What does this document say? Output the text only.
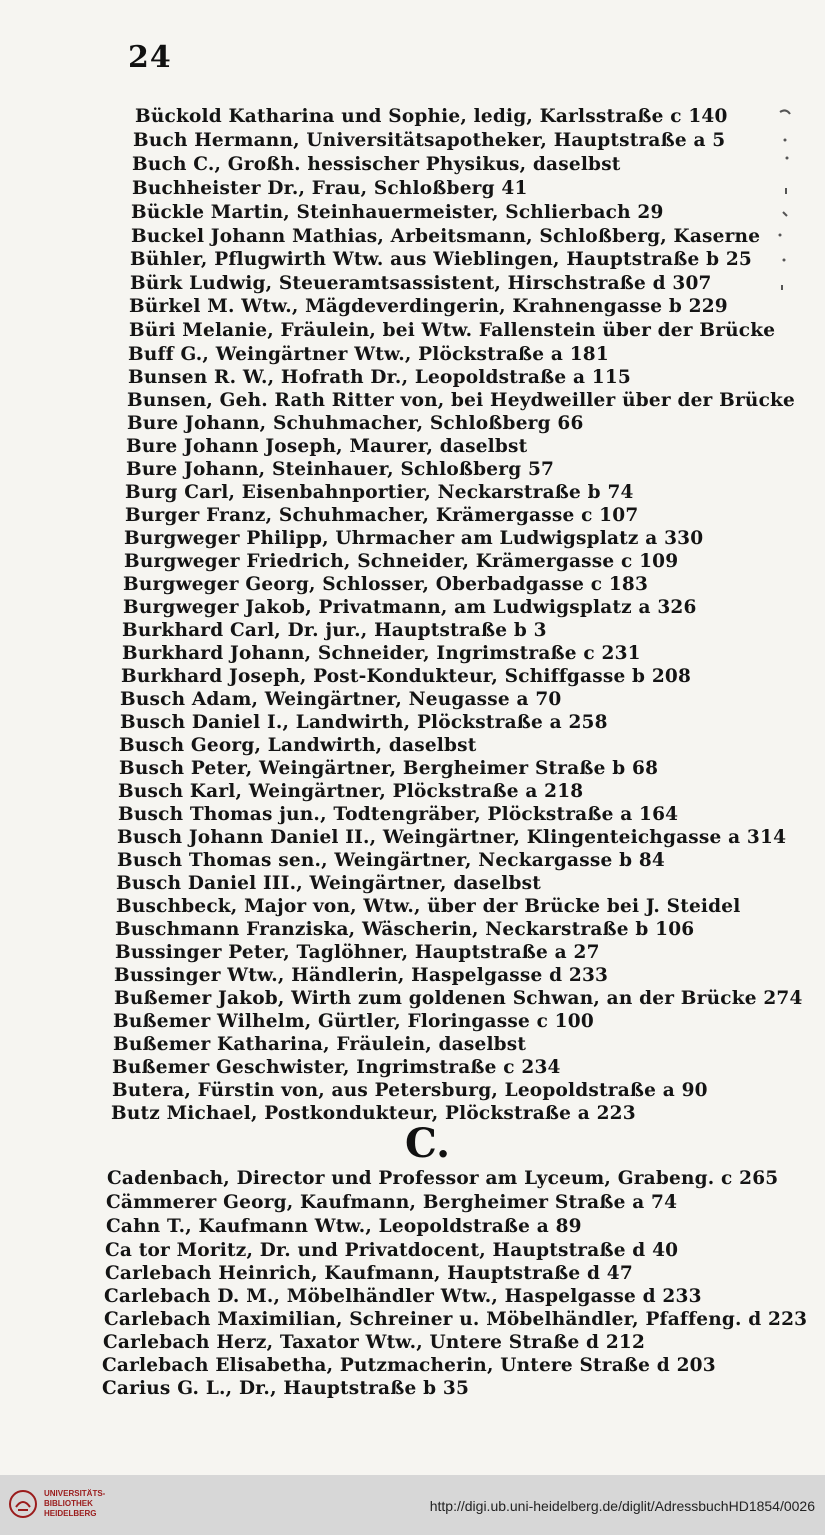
24
Bückold Katharina und Sophie, ledig, Karlsstraße c 140
Buch Hermann, Universitätsapotheker, Hauptstraße a 5
Buch C., Großh. hessischer Physikus, daselbst
Buchheister Dr., Frau, Schloßberg 41
Bückle Martin, Steinhauermeister, Schlierbach 29
Buckel Johann Mathias, Arbeitsmann, Schloßberg, Kaserne
Bühler, Pflugwirth Wtw. aus Wieblingen, Hauptstraße b 25
Bürk Ludwig, Steueramtsassistent, Hirschstraße d 307
Bürkel M. Wtw., Mägdeverdingerin, Krahnengasse b 229
Büri Melanie, Fräulein, bei Wtw. Fallenstein über der Brücke
Buff G., Weingärtner Wtw., Plöckstraße a 181
Bunsen R. W., Hofrath Dr., Leopoldstraße a 115
Bunsen, Geh. Rath Ritter von, bei Heydweiller über der Brücke
Bure Johann, Schuhmacher, Schloßberg 66
Bure Johann Joseph, Maurer, daselbst
Bure Johann, Steinhauer, Schloßberg 57
Burg Carl, Eisenbahnportier, Neckarstraße b 74
Burger Franz, Schuhmacher, Krämergasse c 107
Burgweger Philipp, Uhrmacher am Ludwigsplatz a 330
Burgweger Friedrich, Schneider, Krämergasse c 109
Burgweger Georg, Schlosser, Oberbadgasse c 183
Burgweger Jakob, Privatmann, am Ludwigsplatz a 326
Burkhard Carl, Dr. jur., Hauptstraße b 3
Burkhard Johann, Schneider, Ingrimstraße c 231
Burkhard Joseph, Post-Kondukteur, Schiffgasse b 208
Busch Adam, Weingärtner, Neugasse a 70
Busch Daniel I., Landwirth, Plöckstraße a 258
Busch Georg, Landwirth, daselbst
Busch Peter, Weingärtner, Bergheimer Straße b 68
Busch Karl, Weingärtner, Plöckstraße a 218
Busch Thomas jun., Todtengräber, Plöckstraße a 164
Busch Johann Daniel II., Weingärtner, Klingenteichgasse a 314
Busch Thomas sen., Weingärtner, Neckargasse b 84
Busch Daniel III., Weingärtner, daselbst
Buschbeck, Major von, Wtw., über der Brücke bei J. Steidel
Buschmann Franziska, Wäscherin, Neckarstraße b 106
Bussinger Peter, Taglöhner, Hauptstraße a 27
Bussinger Wtw., Händlerin, Haspelgasse d 233
Bußemer Jakob, Wirth zum goldenen Schwan, an der Brücke 274
Bußemer Wilhelm, Gürtler, Floringasse c 100
Bußemer Katharina, Fräulein, daselbst
Bußemer Geschwister, Ingrimstraße c 234
Butera, Fürstin von, aus Petersburg, Leopoldstraße a 90
Butz Michael, Postkondukteur, Plöckstraße a 223
Cadenbach, Director und Professor am Lyceum, Grabeng. c 265
Cämmerer Georg, Kaufmann, Bergheimer Straße a 74
Cahn T., Kaufmann Wtw., Leopoldstraße a 89
Ca tor Moritz, Dr. und Privatdocent, Hauptstraße d 40
Carlebach Heinrich, Kaufmann, Hauptstraße d 47
Carlebach D. M., Möbelhändler Wtw., Haspelgasse d 233
Carlebach Maximilian, Schreiner u. Möbelhändler, Pfaffeng. d 223
Carlebach Herz, Taxator Wtw., Untere Straße d 212
Carlebach Elisabetha, Putzmacherin, Untere Straße d 203
Carius G. L., Dr., Hauptstraße b 35
C.
UNIVERSITÄTS-
BIBLIOTHEK
HEIDELBERG	http://digi.ub.uni-heidelberg.de/diglit/AdressbuchHD1854/0026
